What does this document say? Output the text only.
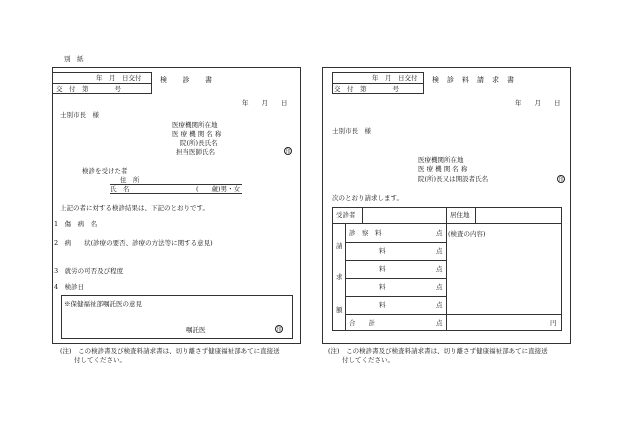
別　紙
年　月　日交付
交　付　第　　　　号
検　　診　　書
年　　月　　日
士別市長　様
医療機関所在地
医 療 機 関 名 称
院(所)長氏名
担当医師氏名	印
検診を受けた者
住　所
氏　名	(　　歳)男・女
上記の者に対する検診結果は、下記のとおりです。
1　傷　病　名
2　病　　状(診療の要否、診療の方法等に関する意見)
3　就労の可否及び程度
4　検診日
※保健福祉部嘱託医の意見
嘱託医	印
(注)　この検診書及び検査料請求書は、切り離さず健康福祉部あてに直接送
付してください。
年　月　日交付
交　付　第　　　　号
検　診　料　請　求　書
年　　月　　日
士別市長　様
医療機関所在地
医 療 機 関 名 称
院(所)長又は開設者氏名	印
次のとおり請求します。
受診者	居住地
請
求
額
診　察　料	点
料	点
料	点
料	点
料	点
合　　計	点	円
(検査の内容)
(注)　この検診書及び検査料請求書は、切り離さず健康福祉部あてに直接送
付してください。
